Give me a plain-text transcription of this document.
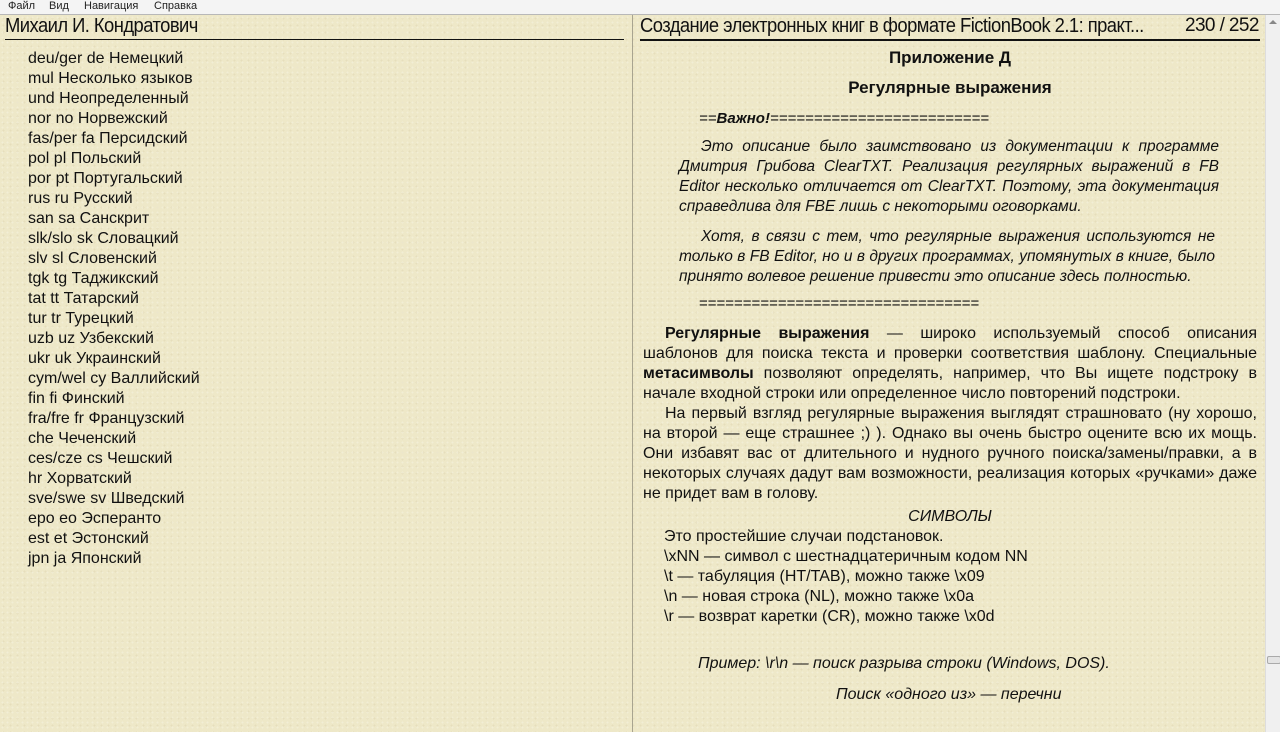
Файл Вид Навигация Справка
Михаил И. Кондратович
deu/ger de Немецкий
mul Несколько языков
und Неопределенный
nor no Норвежский
fas/per fa Персидский
pol pl Польский
por pt Португальский
rus ru Русский
san sa Санскрит
slk/slo sk Словацкий
slv sl Словенский
tgk tg Таджикский
tat tt Татарский
tur tr Турецкий
uzb uz Узбекский
ukr uk Украинский
cym/wel cy Валлийский
fin fi Финский
fra/fre fr Французский
che Чеченский
ces/cze cs Чешский
hr Хорватский
sve/swe sv Шведский
epo eo Эсперанто
est et Эстонский
jpn ja Японский
Создание электронных книг в формате FictionBook 2.1: практ... 230 / 252
Приложение Д
Регулярные выражения
==Важно!=========================

Это описание было заимствовано из документации к программе Дмитрия Грибова ClearTXT. Реализация регулярных выражений в FB Editor несколько отличается от ClearTXT. Поэтому, эта документация справедлива для FBE лишь с некоторыми оговорками.

Хотя, в связи с тем, что регулярные выражения используются не только в FB Editor, но и в других программах, упомянутых в книге, было принято волевое решение привести это описание здесь полностью.

================================

Регулярные выражения — широко используемый способ описания шаблонов для поиска текста и проверки соответствия шаблону. Специальные метасимволы позволяют определять, например, что Вы ищете подстроку в начале входной строки или определенное число повторений подстроки.

На первый взгляд регулярные выражения выглядят страшновато (ну хорошо, на второй — еще страшнее ;) ). Однако вы очень быстро оцените всю их мощь. Они избавят вас от длительного и нудного ручного поиска/замены/правки, а в некоторых случаях дадут вам возможности, реализация которых «ручками» даже не придет вам в голову.

СИМВОЛЫ
Это простейшие случаи подстановок.
\xNN — символ с шестнадцатеричным кодом NN
\t — табуляция (HT/TAB), можно также \x09
\n — новая строка (NL), можно также \x0a
\r — возврат каретки (CR), можно также \x0d
Пример: \r\n — поиск разрыва строки (Windows, DOS).
Поиск «одного из» — перечни
